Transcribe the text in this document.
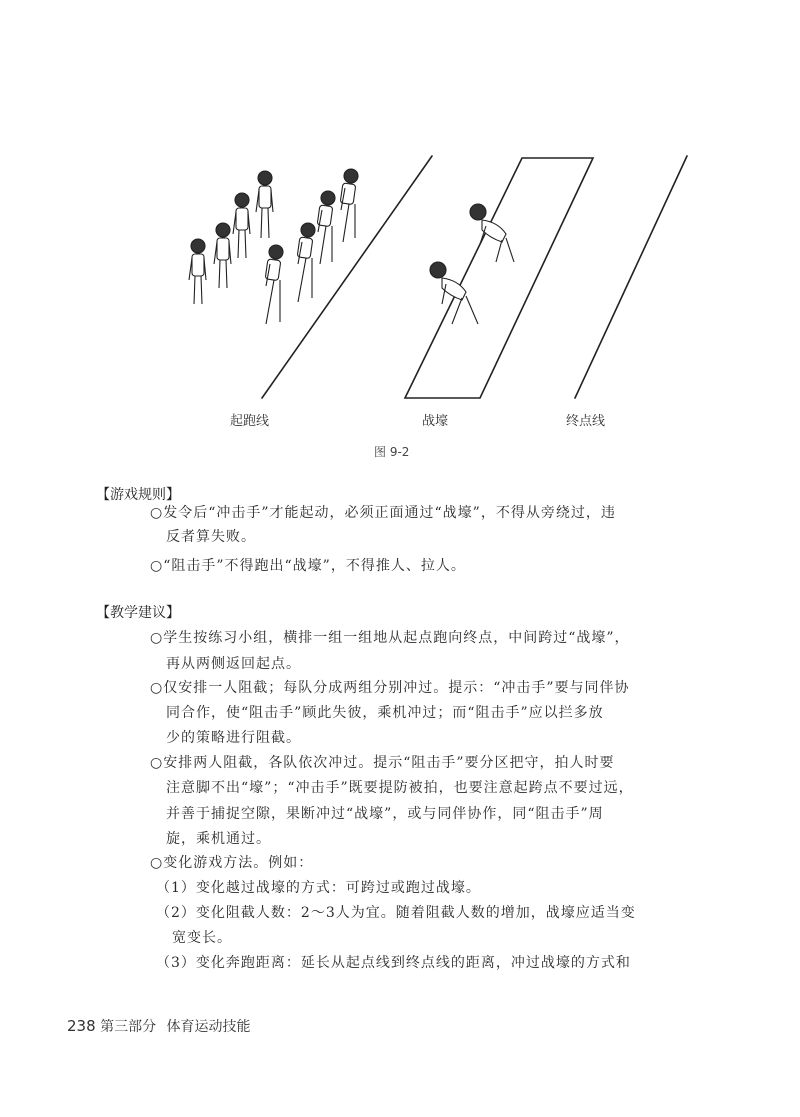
起跑线	战壕	终点线
图 9-2
【游戏规则】
○发令后“冲击手”才能起动，必须正面通过“战壕”，不得从旁绕过，违
反者算失败。
○“阻击手”不得跑出“战壕”，不得推人、拉人。
【教学建议】
○学生按练习小组，横排一组一组地从起点跑向终点，中间跨过“战壕”，
再从两侧返回起点。
○仅安排一人阻截；每队分成两组分别冲过。提示：“冲击手”要与同伴协
同合作，使“阻击手”顾此失彼，乘机冲过；而“阻击手”应以拦多放
少的策略进行阻截。
○安排两人阻截，各队依次冲过。提示“阻击手”要分区把守，拍人时要
注意脚不出“壕”；“冲击手”既要提防被拍，也要注意起跨点不要过远，
并善于捕捉空隙，果断冲过“战壕”，或与同伴协作，同“阻击手”周
旋，乘机通过。
○变化游戏方法。例如：
（1）变化越过战壕的方式：可跨过或跑过战壕。
（2）变化阻截人数：2～3人为宜。随着阻截人数的增加，战壕应适当变
宽变长。
（3）变化奔跑距离：延长从起点线到终点线的距离，冲过战壕的方式和
238 第三部分 体育运动技能
